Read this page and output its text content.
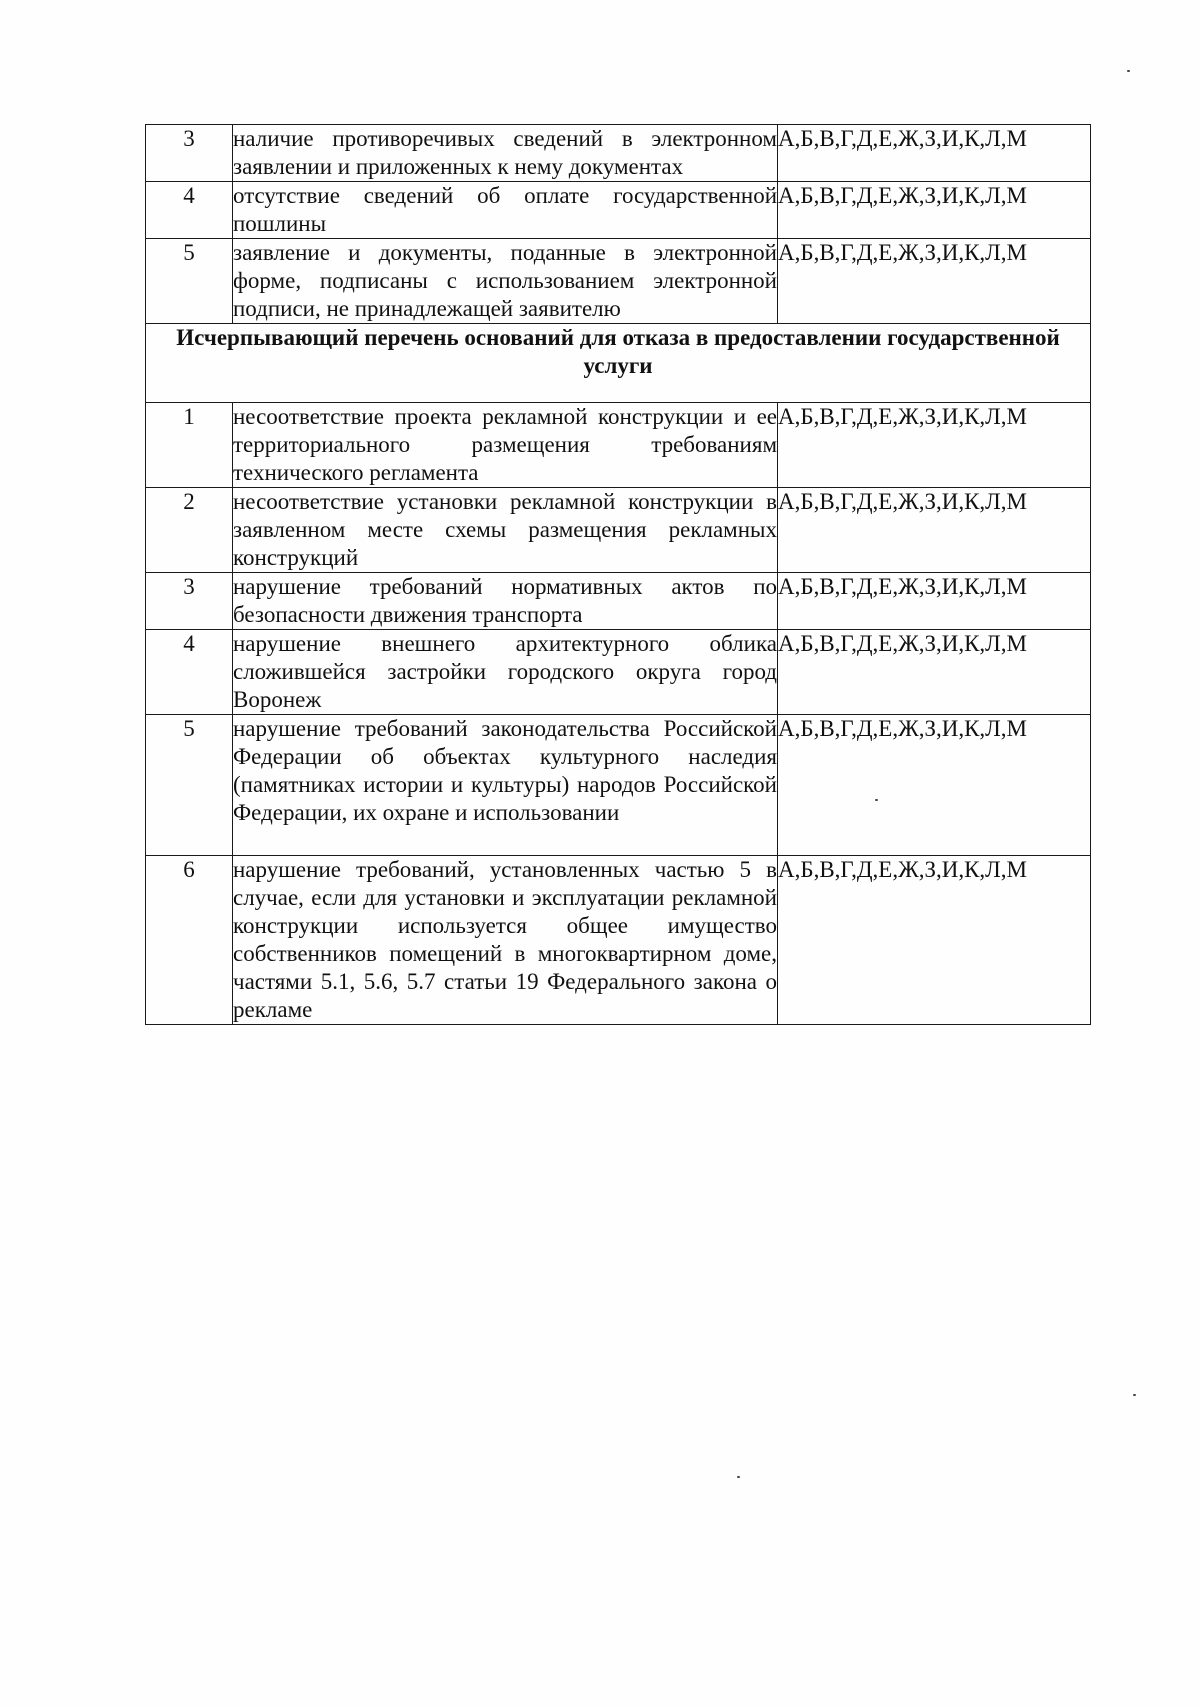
3	наличие противоречивых сведений в электронном заявлении и приложенных к нему документах	А,Б,В,Г,Д,Е,Ж,З,И,К,Л,М
4	отсутствие сведений об оплате государственной пошлины	А,Б,В,Г,Д,Е,Ж,З,И,К,Л,М
5	заявление и документы, поданные в электронной форме, подписаны с использованием электронной подписи, не принадлежащей заявителю	А,Б,В,Г,Д,Е,Ж,З,И,К,Л,М
Исчерпывающий перечень оснований для отказа в предоставлении государственной услуги		
1	несоответствие проекта рекламной конструкции и ее территориального размещения требованиям технического регламента	А,Б,В,Г,Д,Е,Ж,З,И,К,Л,М
2	несоответствие установки рекламной конструкции в заявленном месте схемы размещения рекламных конструкций	А,Б,В,Г,Д,Е,Ж,З,И,К,Л,М
3	нарушение требований нормативных актов по безопасности движения транспорта	А,Б,В,Г,Д,Е,Ж,З,И,К,Л,М
4	нарушение внешнего архитектурного облика сложившейся застройки городского округа город Воронеж	А,Б,В,Г,Д,Е,Ж,З,И,К,Л,М
5	нарушение требований законодательства Российской Федерации об объектах культурного наследия (памятниках истории и культуры) народов Российской Федерации, их охране и использовании	А,Б,В,Г,Д,Е,Ж,З,И,К,Л,М
6	нарушение требований, установленных частью 5 в случае, если для установки и эксплуатации рекламной конструкции используется общее имущество собственников помещений в многоквартирном доме, частями 5.1, 5.6, 5.7 статьи 19 Федерального закона о рекламе	А,Б,В,Г,Д,Е,Ж,З,И,К,Л,М
